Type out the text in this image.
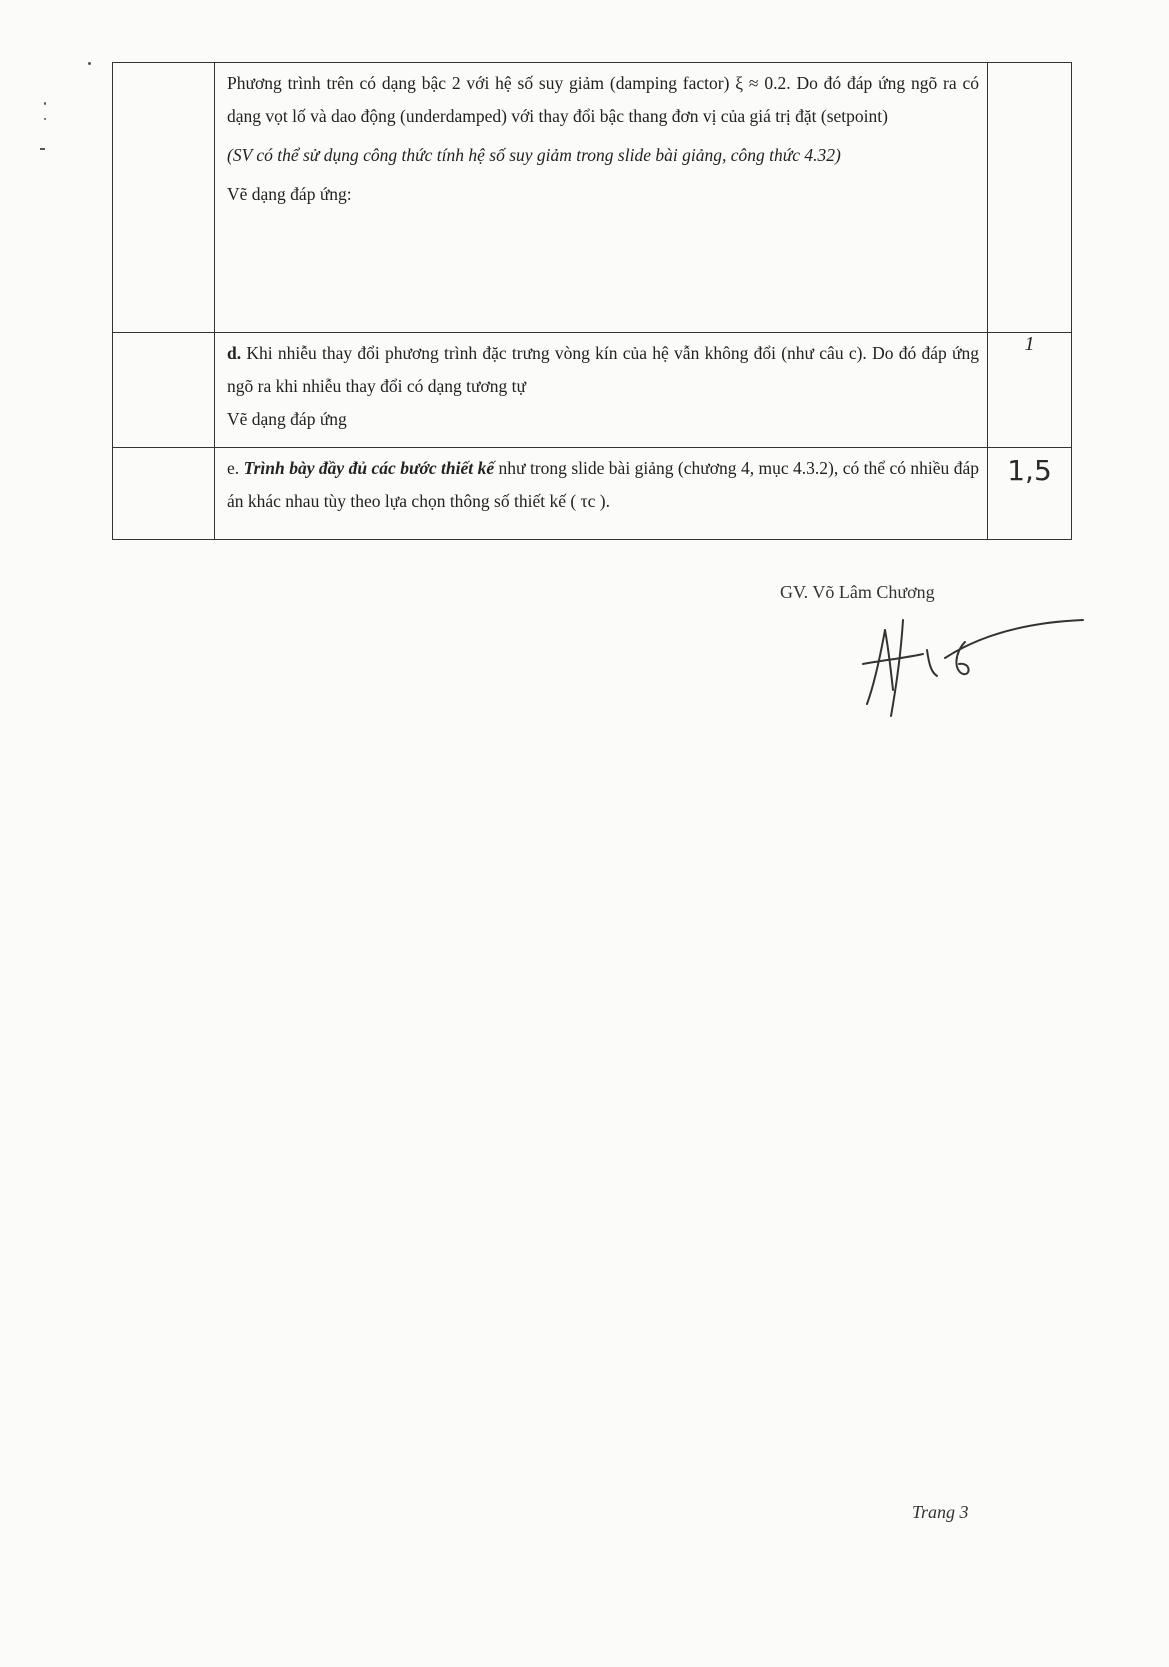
	Phương trình trên có dạng bậc 2 với hệ số suy giảm (damping factor) ξ ≈ 0.2. Do đó đáp ứng ngõ ra có dạng vọt lố và dao động (underdamped) với thay đổi bậc thang đơn vị của giá trị đặt (setpoint)

(SV có thể sử dụng công thức tính hệ số suy giảm trong slide bài giảng, công thức 4.32)

Vẽ dạng đáp ứng:	

	d. Khi nhiễu thay đổi phương trình đặc trưng vòng kín của hệ vẫn không đổi (như câu c). Do đó đáp ứng ngõ ra khi nhiễu thay đổi có dạng tương tự

Vẽ dạng đáp ứng	1

	e. Trình bày đầy đủ các bước thiết kế như trong slide bài giảng (chương 4, mục 4.3.2), có thể có nhiều đáp án khác nhau tùy theo lựa chọn thông số thiết kế ( τc ).	1,5
GV. Võ Lâm Chương
Trang 3
